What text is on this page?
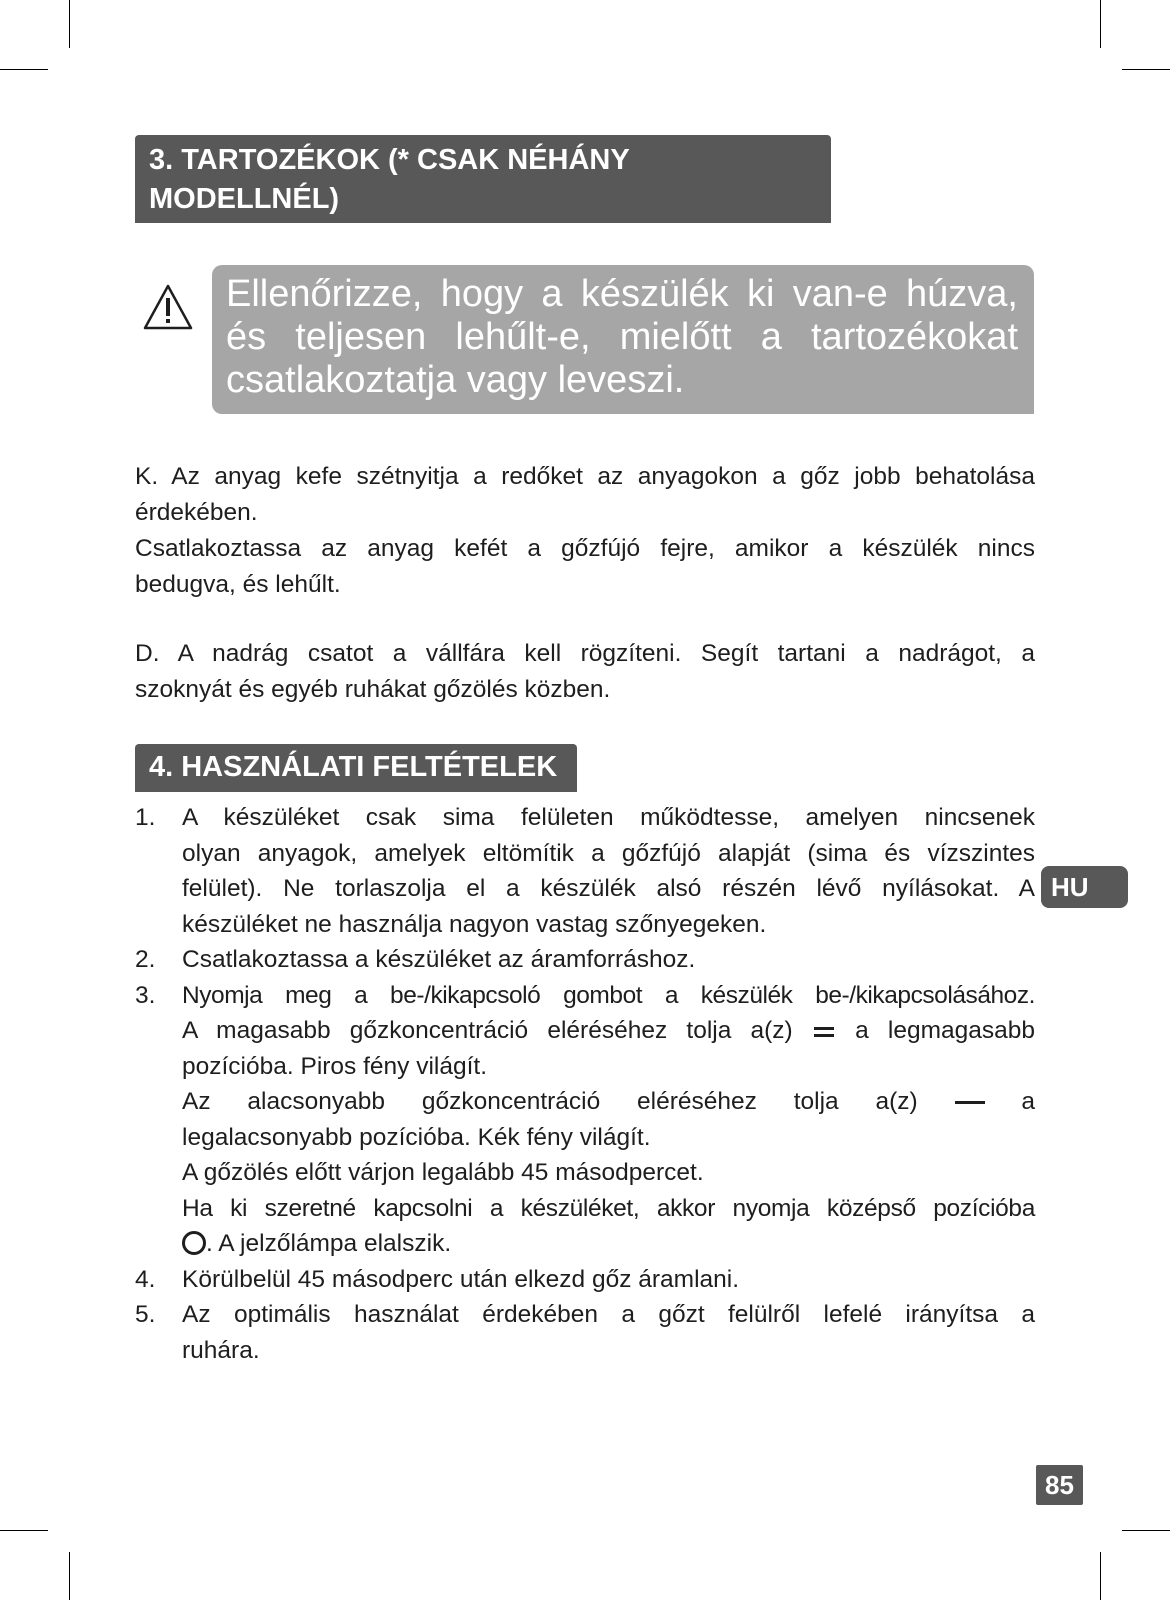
3. TARTOZÉKOK (* CSAK NÉHÁNY
MODELLNÉL)
Ellenőrizze, hogy a készülék ki van-e húzva,
és teljesen lehűlt-e, mielőtt a tartozékokat
csatlakoztatja vagy leveszi.
K. Az anyag kefe szétnyitja a redőket az anyagokon a gőz jobb behatolása
érdekében.
Csatlakoztassa az anyag kefét a gőzfújó fejre, amikor a készülék nincs
bedugva, és lehűlt.
D. A nadrág csatot a vállfára kell rögzíteni. Segít tartani a nadrágot, a
szoknyát és egyéb ruhákat gőzölés közben.
4. HASZNÁLATI FELTÉTELEK
1. A készüléket csak sima felületen működtesse, amelyen nincsenek
olyan anyagok, amelyek eltömítik a gőzfújó alapját (sima és vízszintes
felület). Ne torlaszolja el a készülék alsó részén lévő nyílásokat. A
készüléket ne használja nagyon vastag szőnyegeken.
2. Csatlakoztassa a készüléket az áramforráshoz.
3. Nyomja meg a be-/kikapcsoló gombot a készülék be-/kikapcsolásához.
A magasabb gőzkoncentráció eléréséhez tolja a(z)	a legmagasabb
pozícióba. Piros fény világít.
Az alacsonyabb gőzkoncentráció eléréséhez tolja a(z)	a
legalacsonyabb pozícióba. Kék fény világít.
A gőzölés előtt várjon legalább 45 másodpercet.
Ha ki szeretné kapcsolni a készüléket, akkor nyomja középső pozícióba
. A jelzőlámpa elalszik.
4. Körülbelül 45 másodperc után elkezd gőz áramlani.
5. Az optimális használat érdekében a gőzt felülről lefelé irányítsa a
ruhára.
HU
85
